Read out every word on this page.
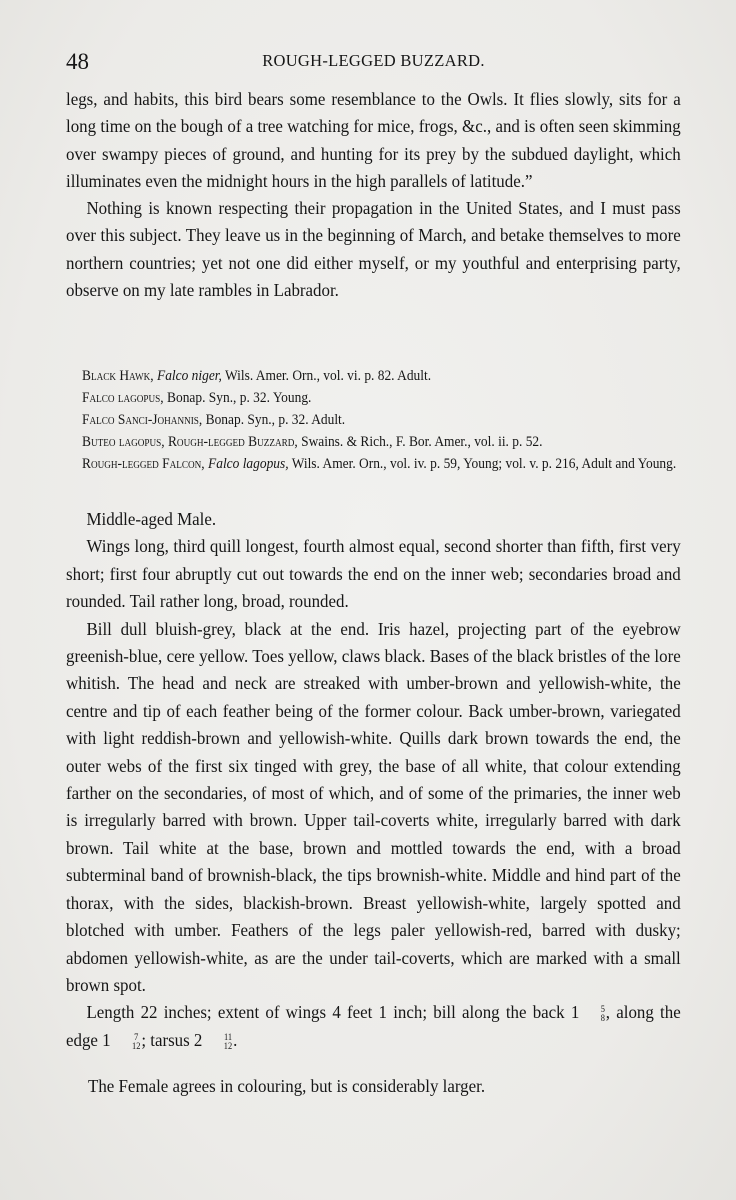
48	ROUGH-LEGGED BUZZARD.

legs, and habits, this bird bears some resemblance to the Owls. It flies slowly, sits for a long time on the bough of a tree watching for mice, frogs, &c., and is often seen skimming over swampy pieces of ground, and hunting for its prey by the subdued daylight, which illuminates even the midnight hours in the high parallels of latitude.”

Nothing is known respecting their propagation in the United States, and I must pass over this subject. They leave us in the beginning of March, and betake themselves to more northern countries; yet not one did either myself, or my youthful and enterprising party, observe on my late rambles in Labrador.

Black Hawk, Falco niger, Wils. Amer. Orn., vol. vi. p. 82. Adult.

Falco lagopus, Bonap. Syn., p. 32. Young.

Falco Sanci-Johannis, Bonap. Syn., p. 32. Adult.

Buteo lagopus, Rough-legged Buzzard, Swains. & Rich., F. Bor. Amer., vol. ii. p. 52.

Rough-legged Falcon, Falco lagopus, Wils. Amer. Orn., vol. iv. p. 59, Young; vol. v. p. 216, Adult and Young.

Middle-aged Male.

Wings long, third quill longest, fourth almost equal, second shorter than fifth, first very short; first four abruptly cut out towards the end on the inner web; secondaries broad and rounded. Tail rather long, broad, rounded.

Bill dull bluish-grey, black at the end. Iris hazel, projecting part of the eyebrow greenish-blue, cere yellow. Toes yellow, claws black. Bases of the black bristles of the lore whitish. The head and neck are streaked with umber-brown and yellowish-white, the centre and tip of each feather being of the former colour. Back umber-brown, variegated with light reddish-brown and yellowish-white. Quills dark brown towards the end, the outer webs of the first six tinged with grey, the base of all white, that colour extending farther on the secondaries, of most of which, and of some of the primaries, the inner web is irregularly barred with brown. Upper tail-coverts white, irregularly barred with dark brown. Tail white at the base, brown and mottled towards the end, with a broad subterminal band of brownish-black, the tips brownish-white. Middle and hind part of the thorax, with the sides, blackish-brown. Breast yellowish-white, largely spotted and blotched with umber. Feathers of the legs paler yellowish-red, barred with dusky; abdomen yellowish-white, as are the under tail-coverts, which are marked with a small brown spot.

Length 22 inches; extent of wings 4 feet 1 inch; bill along the back 1	5
8 , along the edge 1	7
12 ; tarsus 2	11
12 .

The Female agrees in colouring, but is considerably larger.
